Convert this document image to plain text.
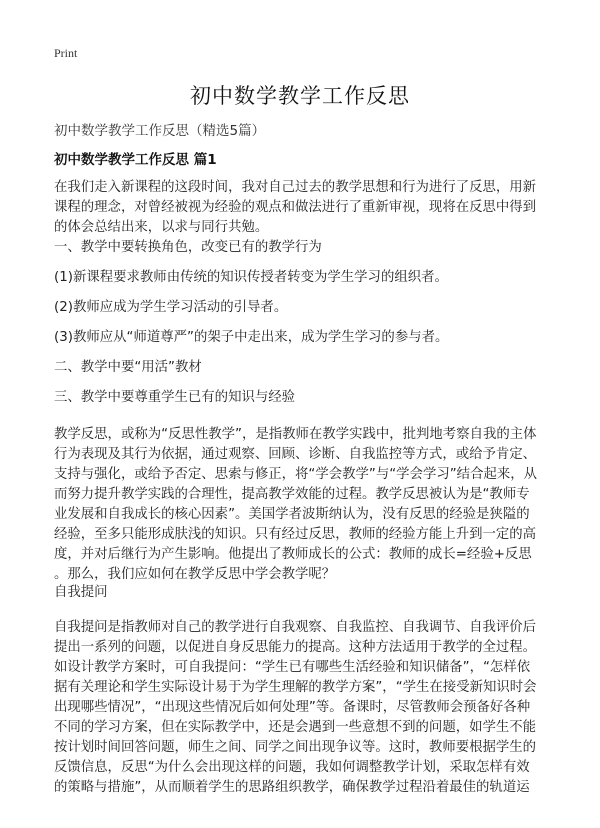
Print
初中数学教学工作反思
初中数学教学工作反思（精选5篇）
初中数学教学工作反思 篇1
在我们走入新课程的这段时间，我对自己过去的教学思想和行为进行了反思，用新
课程的理念，对曾经被视为经验的观点和做法进行了重新审视，现将在反思中得到
的体会总结出来，以求与同行共勉。
一、教学中要转换角色，改变已有的教学行为
(1)新课程要求教师由传统的知识传授者转变为学生学习的组织者。
(2)教师应成为学生学习活动的引导者。
(3)教师应从“师道尊严”的架子中走出来，成为学生学习的参与者。
二、教学中要“用活”教材
三、教学中要尊重学生已有的知识与经验
教学反思，或称为“反思性教学”，是指教师在教学实践中，批判地考察自我的主体
行为表现及其行为依据，通过观察、回顾、诊断、自我监控等方式，或给予肯定、
支持与强化，或给予否定、思索与修正，将“学会教学”与“学会学习”结合起来，从
而努力提升教学实践的合理性，提高教学效能的过程。教学反思被认为是“教师专
业发展和自我成长的核心因素”。美国学者波斯纳认为，没有反思的经验是狭隘的
经验，至多只能形成肤浅的知识。只有经过反思，教师的经验方能上升到一定的高
度，并对后继行为产生影响。他提出了教师成长的公式：教师的成长=经验+反思
。那么，我们应如何在教学反思中学会教学呢？
自我提问
自我提问是指教师对自己的教学进行自我观察、自我监控、自我调节、自我评价后
提出一系列的问题，以促进自身反思能力的提高。这种方法适用于教学的全过程。
如设计教学方案时，可自我提问：“学生已有哪些生活经验和知识储备”，“怎样依
据有关理论和学生实际设计易于为学生理解的教学方案”，“学生在接受新知识时会
出现哪些情况”，“出现这些情况后如何处理”等。备课时，尽管教师会预备好各种
不同的学习方案，但在实际教学中，还是会遇到一些意想不到的问题，如学生不能
按计划时间回答问题，师生之间、同学之间出现争议等。这时，教师要根据学生的
反馈信息，反思“为什么会出现这样的问题，我如何调整教学计划，采取怎样有效
的策略与措施”，从而顺着学生的思路组织教学，确保教学过程沿着最佳的轨道运
